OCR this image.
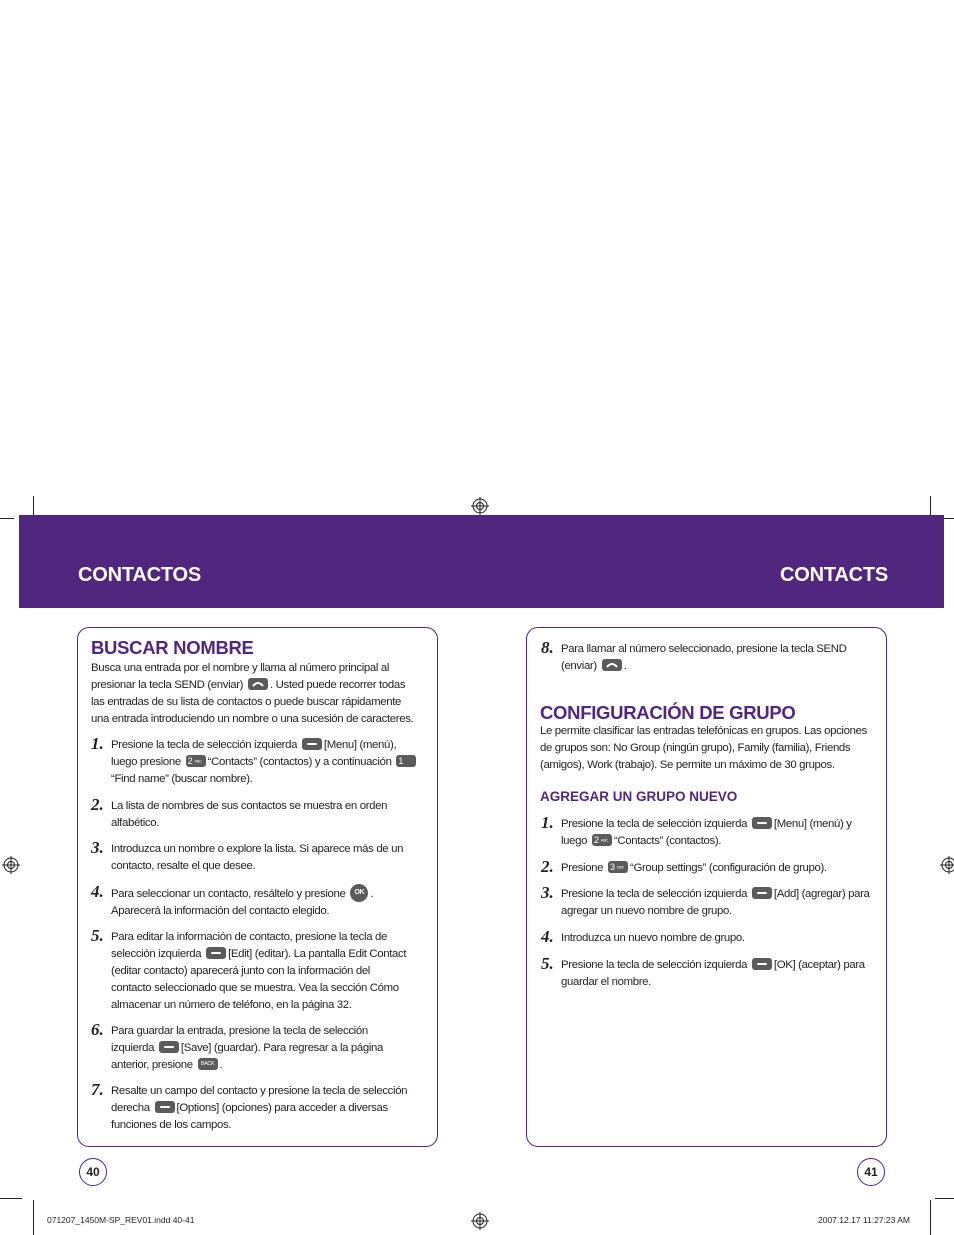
CONTACTOS	CONTACTS
BUSCAR NOMBRE
Busca una entrada por el nombre y llama al número principal al presionar la tecla SEND (enviar) . Usted puede recorrer todas las entradas de su lista de contactos o puede buscar rápidamente una entrada introduciendo un nombre o una sucesión de caracteres.
1. Presione la tecla de selección izquierda [Menu] (menú), luego presione 2 ABC “Contacts” (contactos) y a continuación 1“Find name” (buscar nombre).
2. La lista de nombres de sus contactos se muestra en orden alfabético.
3. Introduzca un nombre o explore la lista. Si aparece más de un contacto, resalte el que desee.
4. Para seleccionar un contacto, resáltelo y presione OK . Aparecerá la información del contacto elegido.
5. Para editar la información de contacto, presione la tecla de selección izquierda [Edit] (editar). La pantalla Edit Contact (editar contacto) aparecerá junto con la información del contacto seleccionado que se muestra. Vea la sección Cómo almacenar un número de teléfono, en la página 32.
6. Para guardar la entrada, presione la tecla de selección izquierda [Save] (guardar). Para regresar a la página anterior, presione BACK .
7. Resalte un campo del contacto y presione la tecla de selección derecha [Options] (opciones) para acceder a diversas funciones de los campos.
8. Para llamar al número seleccionado, presione la tecla SEND (enviar) .
CONFIGURACIÓN DE GRUPO
Le permite clasificar las entradas telefónicas en grupos. Las opciones de grupos son: No Group (ningún grupo), Family (familia), Friends (amigos), Work (trabajo). Se permite un máximo de 30 grupos.
AGREGAR UN GRUPO NUEVO
1. Presione la tecla de selección izquierda [Menu] (menú) y luego 2 ABC “Contacts” (contactos).
2. Presione 3 DEF “Group settings” (configuración de grupo).
3. Presione la tecla de selección izquierda [Add] (agregar) para agregar un nuevo nombre de grupo.
4. Introduzca un nuevo nombre de grupo.
5. Presione la tecla de selección izquierda [OK] (aceptar) para guardar el nombre.
40	41
071207_1450M-SP_REV01.indd 40-41	2007.12.17 11:27:23 AM
